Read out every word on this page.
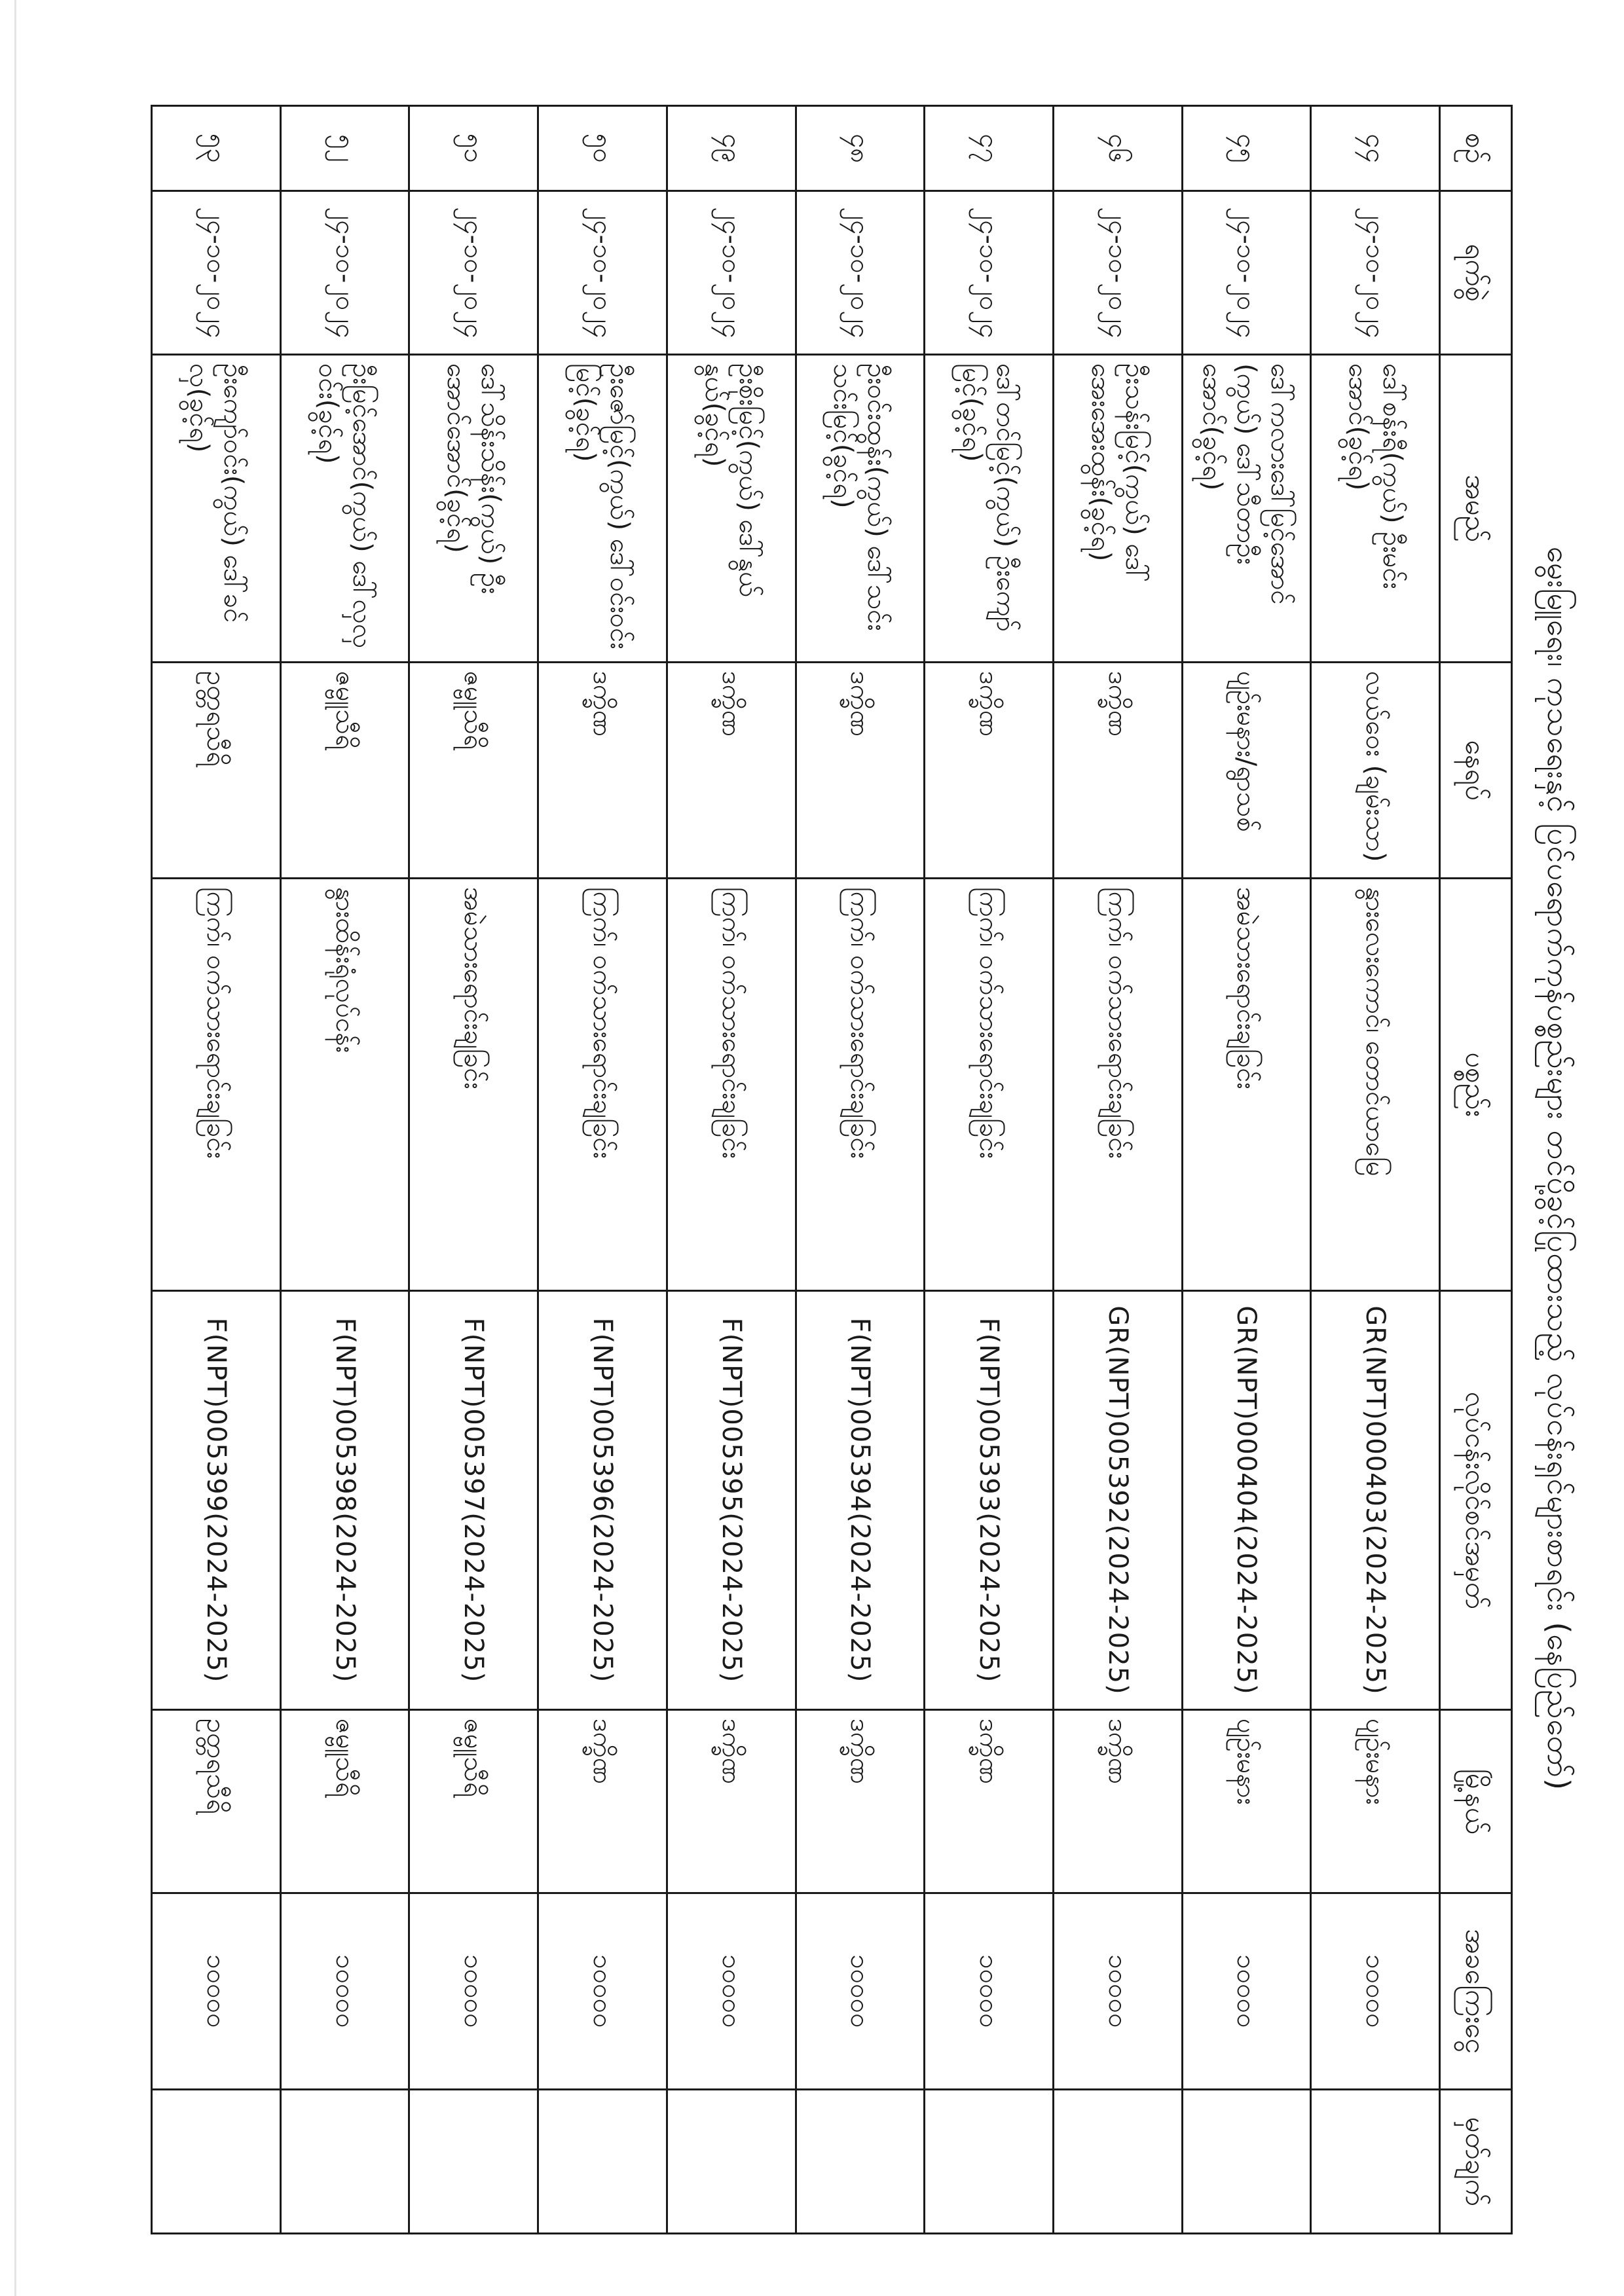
မွေးမြူရေး၊ ကုသရေးနှင့် ပြင်ပရောက်ကုန်ပစ္စည်းများ တင်ပို့ခွင့်ပြုထားသည့် လုပ်ငန်းရှင်များစာရင်း (နေပြည်တော်)
စဉ်	ရက်စွဲ	အမည်	နေရပ်	ပစ္စည်း	လုပ်ငန်းလိုင်စင်အမှတ်	မြို့နယ်	အခကြေးငွေ	မှတ်ချက်
၄၄	၂၄-၁၀-၂၀၂၄	ဒေါ်စန်းရီ(ကွယ်) ဦးမင်းအောင်(ခွင့်ရ)	လယ်ဝေး (ချမ်းသာ)	နွားလေးကောင်၊ တောင်ယာမြေ	GR(NPT)000403(2024-2025)	ပျဉ်းမနား	၁၀၀၀၀	
၄၅	၂၄-၁၀-၂၀၂၄	ဒေါ်ကလားဒေါ်မြင့်အောင် (ကွယ်) ဒေါ်သီတာဦးအောင်(ခွင့်ရ)	ပျဉ်းမနား/ရွာသစ်	အမဲသားရောင်းချခြင်း	GR(NPT)000404(2024-2025)	ပျဉ်းမနား	၁၀၀၀၀	
၄၆	၂၄-၁၀-၂၀၂၄	ဦးသန်းမြင့်(ကွယ်) ဒေါ်အေးအေးထွန်း(ခွင့်ရ)	ဒက္ခိဏ	ကြက်၊ ဝက်သားရောင်းချခြင်း	GR(NPT)005392(2024-2025)	ဒက္ခိဏ	၁၀၀၀၀	
၄၇	၂၄-၁၀-၂၀၂၄	ဒေါ်တင်မြင့်(ကွယ်) ဦးကျော်မြင့်(ခွင့်ရ)	ဒက္ခိဏ	ကြက်၊ ဝက်သားရောင်းချခြင်း	F(NPT)005393(2024-2025)	ဒက္ခိဏ	၁၀၀၀၀	
၄၈	၂၄-၁၀-၂၀၂၄	ဦးဝင်းထွန်း(ကွယ်) ဒေါ်သင်းသင်းမြင့်(ခွင့်ရ)	ဒက္ခိဏ	ကြက်၊ ဝက်သားရောင်းချခြင်း	F(NPT)005394(2024-2025)	ဒက္ခိဏ	၁၀၀၀၀	
၄၉	၂၄-၁၀-၂၀၂၄	ဦးစိုးမြင့်(ကွယ်) ဒေါ်နွယ်နွယ်(ခွင့်ရ)	ဒက္ခိဏ	ကြက်၊ ဝက်သားရောင်းချခြင်း	F(NPT)005395(2024-2025)	ဒက္ခိဏ	၁၀၀၀၀	
၅၀	၂၄-၁၀-၂၀၂၄	ဦးဇော်မြင့်(ကွယ်) ဒေါ်ဝင်းဝင်းမြင့်(ခွင့်ရ)	ဒက္ခိဏ	ကြက်၊ ဝက်သားရောင်းချခြင်း	F(NPT)005396(2024-2025)	ဒက္ခိဏ	၁၀၀၀၀	
၅၁	၂၄-၁၀-၂၀၂၄	ဒေါ်သိန်းသိန်း(ကွယ်) ဦးအောင်အောင်(ခွင့်ရ)	ဇမ္ဗူသီရိ	အမဲသားရောင်းချခြင်း	F(NPT)005397(2024-2025)	ဇမ္ဗူသီရိ	၁၀၀၀၀	
၅၂	၂၄-၁၀-၂၀၂၄	ဦးမြင့်အောင်(ကွယ်) ဒေါ်လှလှဝင်း(ခွင့်ရ)	ဇမ္ဗူသီရိ	နွားထိန်းရုံလုပ်ငန်း	F(NPT)005398(2024-2025)	ဇမ္ဗူသီရိ	၁၀၀၀၀	
၅၃	၂၄-၁၀-၂၀၂၄	ဦးကျော်ဝင်း(ကွယ်) ဒေါ်ခင်လှ(ခွင့်ရ)	ဥတ္တရသီရိ	ကြက်၊ ဝက်သားရောင်းချခြင်း	F(NPT)005399(2024-2025)	ဥတ္တရသီရိ	၁၀၀၀၀	
